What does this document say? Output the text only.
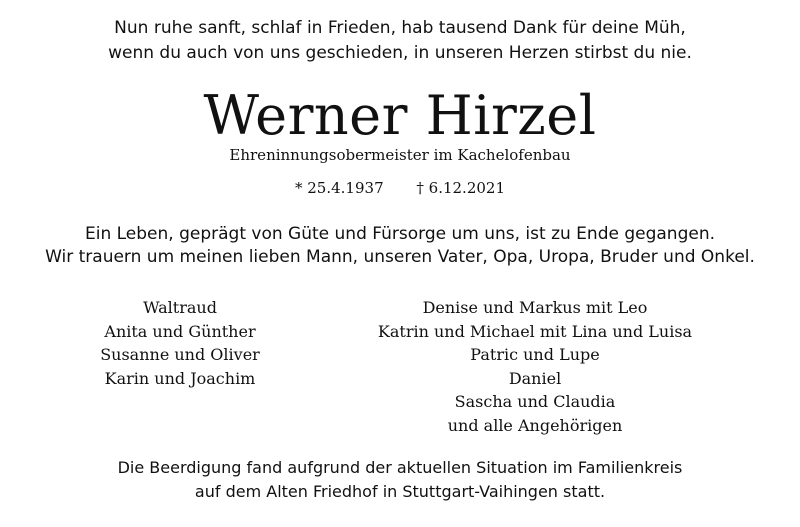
Nun ruhe sanft, schlaf in Frieden, hab tausend Dank für deine Müh,
wenn du auch von uns geschieden, in unseren Herzen stirbst du nie.
Werner Hirzel
Ehreninnungsobermeister im Kachelofenbau
* 25.4.1937 † 6.12.2021
Ein Leben, geprägt von Güte und Fürsorge um uns, ist zu Ende gegangen.
Wir trauern um meinen lieben Mann, unseren Vater, Opa, Uropa, Bruder und Onkel.
Waltraud
Anita und Günther
Susanne und Oliver
Karin und Joachim
Denise und Markus mit Leo
Katrin und Michael mit Lina und Luisa
Patric und Lupe
Daniel
Sascha und Claudia
und alle Angehörigen
Die Beerdigung fand aufgrund der aktuellen Situation im Familienkreis
auf dem Alten Friedhof in Stuttgart-Vaihingen statt.
